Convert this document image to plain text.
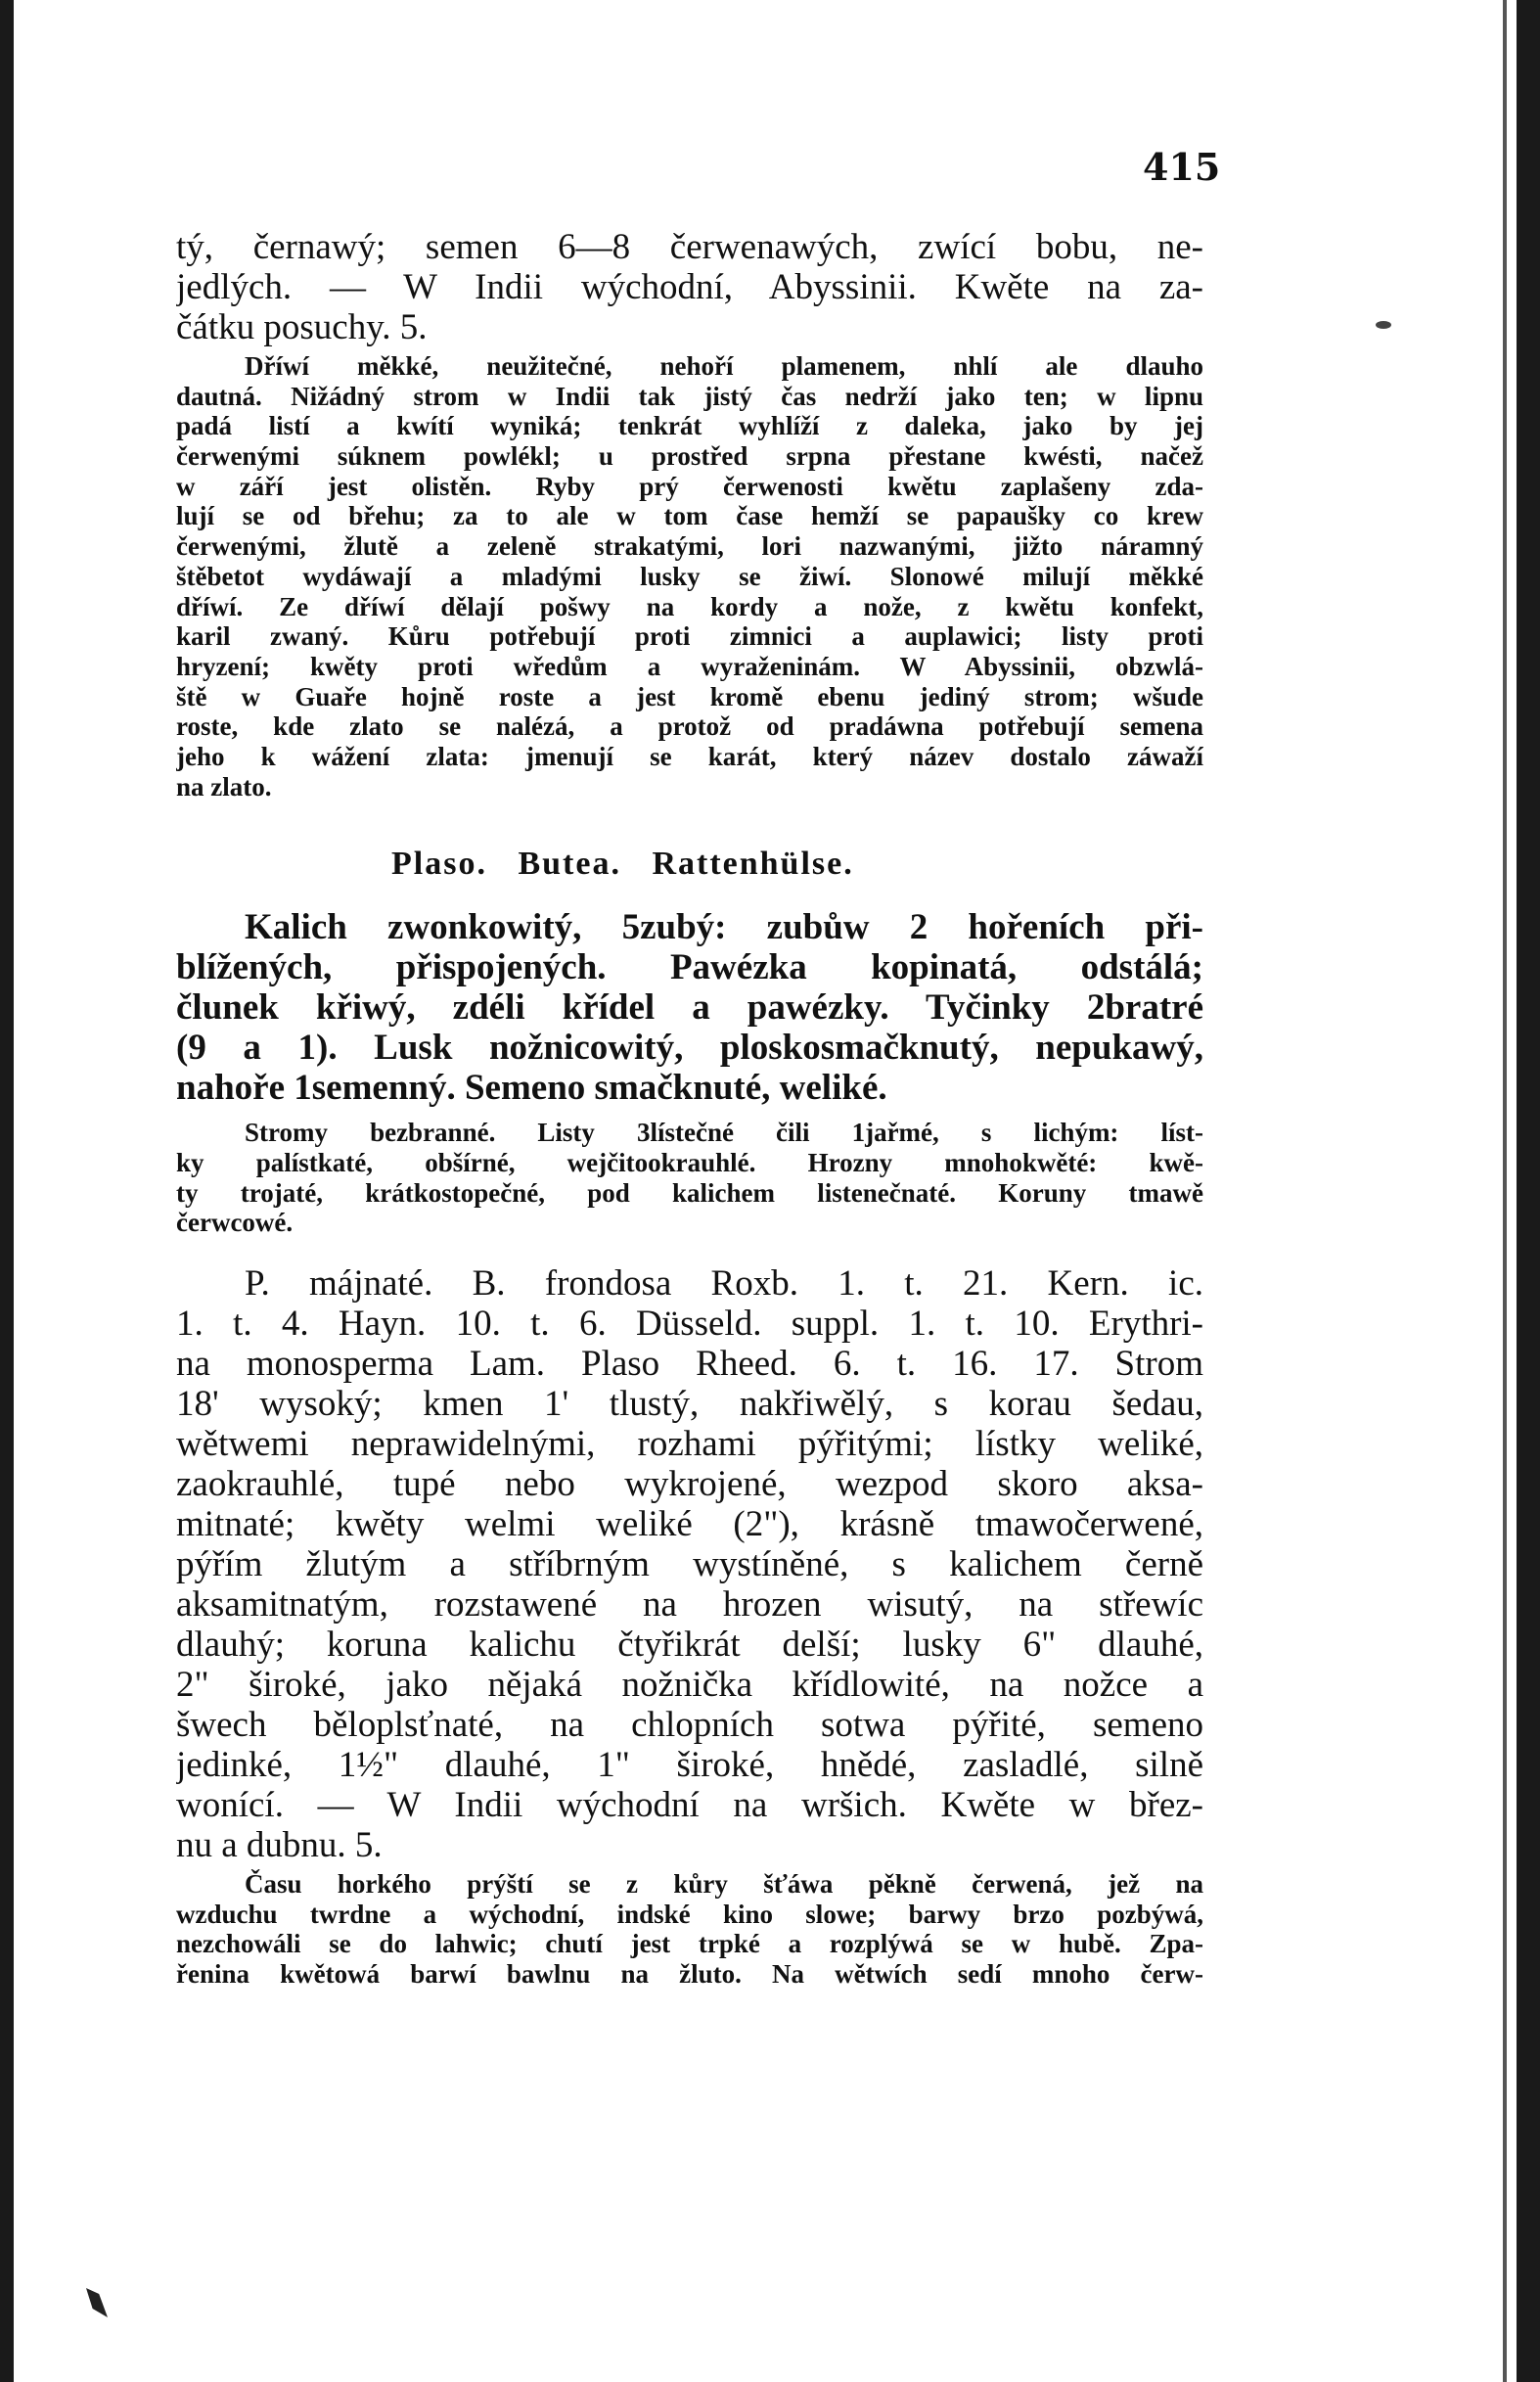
415
tý, černawý; semen 6—8 čerwenawých, zwící bobu, ne-
jedlých. — W Indii wýchodní, Abyssinii. Kwěte na za-
čátku posuchy. 5.
Dříwí měkké, neužitečné, nehoří plamenem, nhlí ale dlauho
dautná. Nižádný strom w Indii tak jistý čas nedrží jako ten; w lipnu
padá listí a kwítí wyniká; tenkrát wyhlíží z daleka, jako by jej
čerwenými súknem powlékl; u prostřed srpna přestane kwésti, načež
w září jest olistěn. Ryby prý čerwenosti kwětu zaplašeny zda-
lují se od břehu; za to ale w tom čase hemží se papaušky co krew
čerwenými, žlutě a zeleně strakatými, lori nazwanými, jižto náramný
štěbetot wydáwají a mladými lusky se žiwí. Slonowé milují měkké
dříwí. Ze dříwí dělají pošwy na kordy a nože, z kwětu konfekt,
karil zwaný. Kůru potřebují proti zimnici a auplawici; listy proti
hryzení; kwěty proti wředům a wyraženinám. W Abyssinii, obzwlá-
ště w Guaře hojně roste a jest kromě ebenu jediný strom; wšude
roste, kde zlato se nalézá, a protož od pradáwna potřebují semena
jeho k wážení zlata: jmenují se karát, který název dostalo záwaží
na zlato.
Plaso. Butea. Rattenhülse.
Kalich zwonkowitý, 5zubý: zubůw 2 hořeních při-
blížených, přispojených. Pawézka kopinatá, odstálá;
člunek křiwý, zdéli křídel a pawézky. Tyčinky 2bratré
(9 a 1). Lusk nožnicowitý, ploskosmačknutý, nepukawý,
nahoře 1semenný. Semeno smačknuté, weliké.
Stromy bezbranné. Listy 3lístečné čili 1jařmé, s lichým: líst-
ky palístkaté, obšírné, wejčitookrauhlé. Hrozny mnohokwěté: kwě-
ty trojaté, krátkostopečné, pod kalichem listenečnaté. Koruny tmawě
čerwcowé.
P. májnaté. B. frondosa Roxb. 1. t. 21. Kern. ic.
1. t. 4. Hayn. 10. t. 6. Düsseld. suppl. 1. t. 10. Erythri-
na monosperma Lam. Plaso Rheed. 6. t. 16. 17. Strom
18' wysoký; kmen 1' tlustý, nakřiwělý, s korau šedau,
wětwemi neprawidelnými, rozhami pýřitými; lístky weliké,
zaokrauhlé, tupé nebo wykrojené, wezpod skoro aksa-
mitnaté; kwěty welmi weliké (2"), krásně tmawočerwené,
pýřím žlutým a stříbrným wystíněné, s kalichem černě
aksamitnatým, rozstawené na hrozen wisutý, na střewíc
dlauhý; koruna kalichu čtyřikrát delší; lusky 6" dlauhé,
2" široké, jako nějaká nožnička křídlowité, na nožce a
šwech běloplsťnaté, na chlopních sotwa pýřité, semeno
jedinké, 1½" dlauhé, 1" široké, hnědé, zasladlé, silně
wonící. — W Indii wýchodní na wršich. Kwěte w břez-
nu a dubnu. 5.
Času horkého prýští se z kůry šťáwa pěkně čerwená, jež na
wzduchu twrdne a wýchodní, indské kino slowe; barwy brzo pozbýwá,
nezchowáli se do lahwic; chutí jest trpké a rozplýwá se w hubě. Zpa-
řenina kwětowá barwí bawlnu na žluto. Na wětwích sedí mnoho čerw-
